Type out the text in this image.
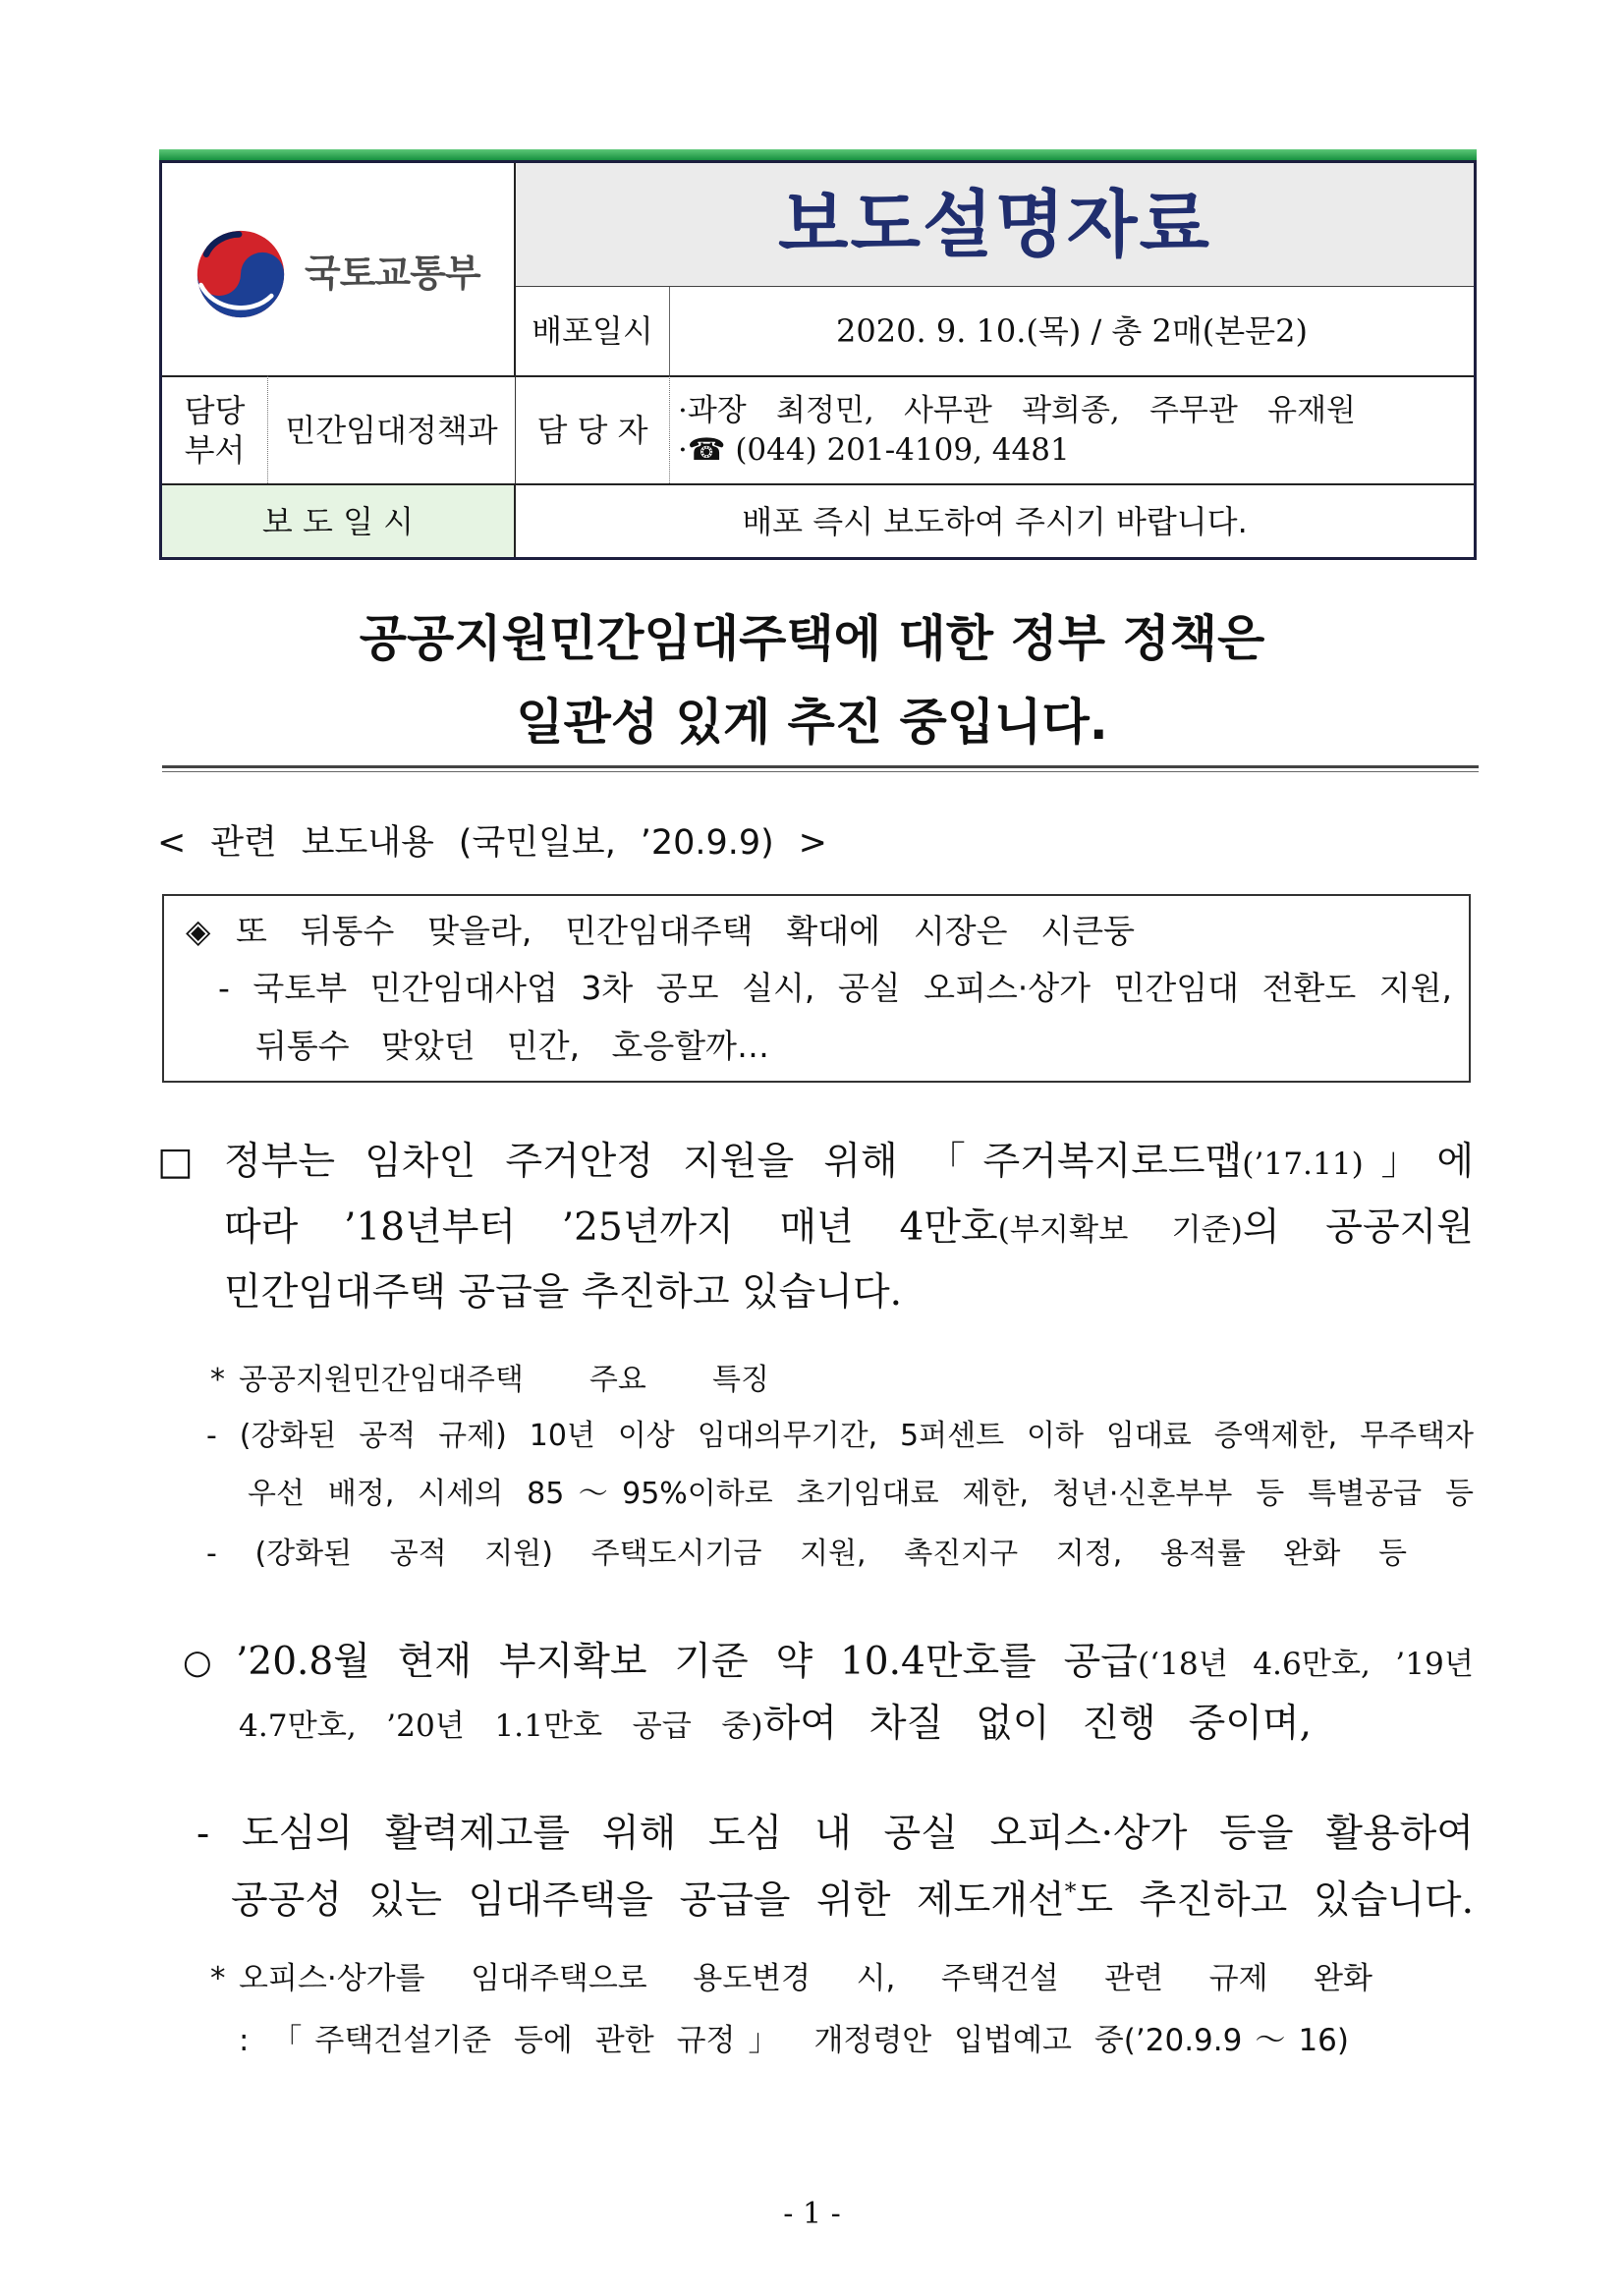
국토교통부
보도설명자료
배포일시	2020. 9. 10.(목) / 총 2매(본문2)
담당
부서
민간임대정책과 담 당 자
·과장 최정민, 사무관 곽희종, 주무관 유재원
·☎ (044) 201-4109, 4481
보 도 일 시	배포 즉시 보도하여 주시기 바랍니다.
공공지원민간임대주택에 대한 정부 정책은
일관성 있게 추진 중입니다.
< 관련 보도내용 (국민일보, ’20.9.9) >
◈ 또 뒤통수 맞을라, 민간임대주택 확대에 시장은 시큰둥
- 국토부 민간임대사업 3차 공모 실시, 공실 오피스·상가 민간임대 전환도 지원,
뒤통수 맞았던 민간, 호응할까…
□ 정부는 임차인 주거안정 지원을 위해 「주거복지로드맵(’17.11)」에
따라 ’18년부터 ’25년까지 매년 4만호(부지확보 기준)의 공공지원
민간임대주택 공급을 추진하고 있습니다.
* 공공지원민간임대주택 주요 특징
- (강화된 공적 규제) 10년 이상 임대의무기간, 5퍼센트 이하 임대료 증액제한, 무주택자
우선 배정, 시세의 85～95%이하로 초기임대료 제한, 청년·신혼부부 등 특별공급 등
- (강화된 공적 지원) 주택도시기금 지원, 촉진지구 지정, 용적률 완화 등
○ ’20.8월 현재 부지확보 기준 약 10.4만호를 공급(‘18년 4.6만호, ’19년
4.7만호, ’20년 1.1만호 공급 중)하여 차질 없이 진행 중이며,
- 도심의 활력제고를 위해 도심 내 공실 오피스·상가 등을 활용하여
공공성 있는 임대주택을 공급을 위한 제도개선*도 추진하고 있습니다.
* 오피스·상가를 임대주택으로 용도변경 시, 주택건설 관련 규제 완화
: 「주택건설기준 등에 관한 규정」 개정령안 입법예고 중(’20.9.9～16)
- 1 -
